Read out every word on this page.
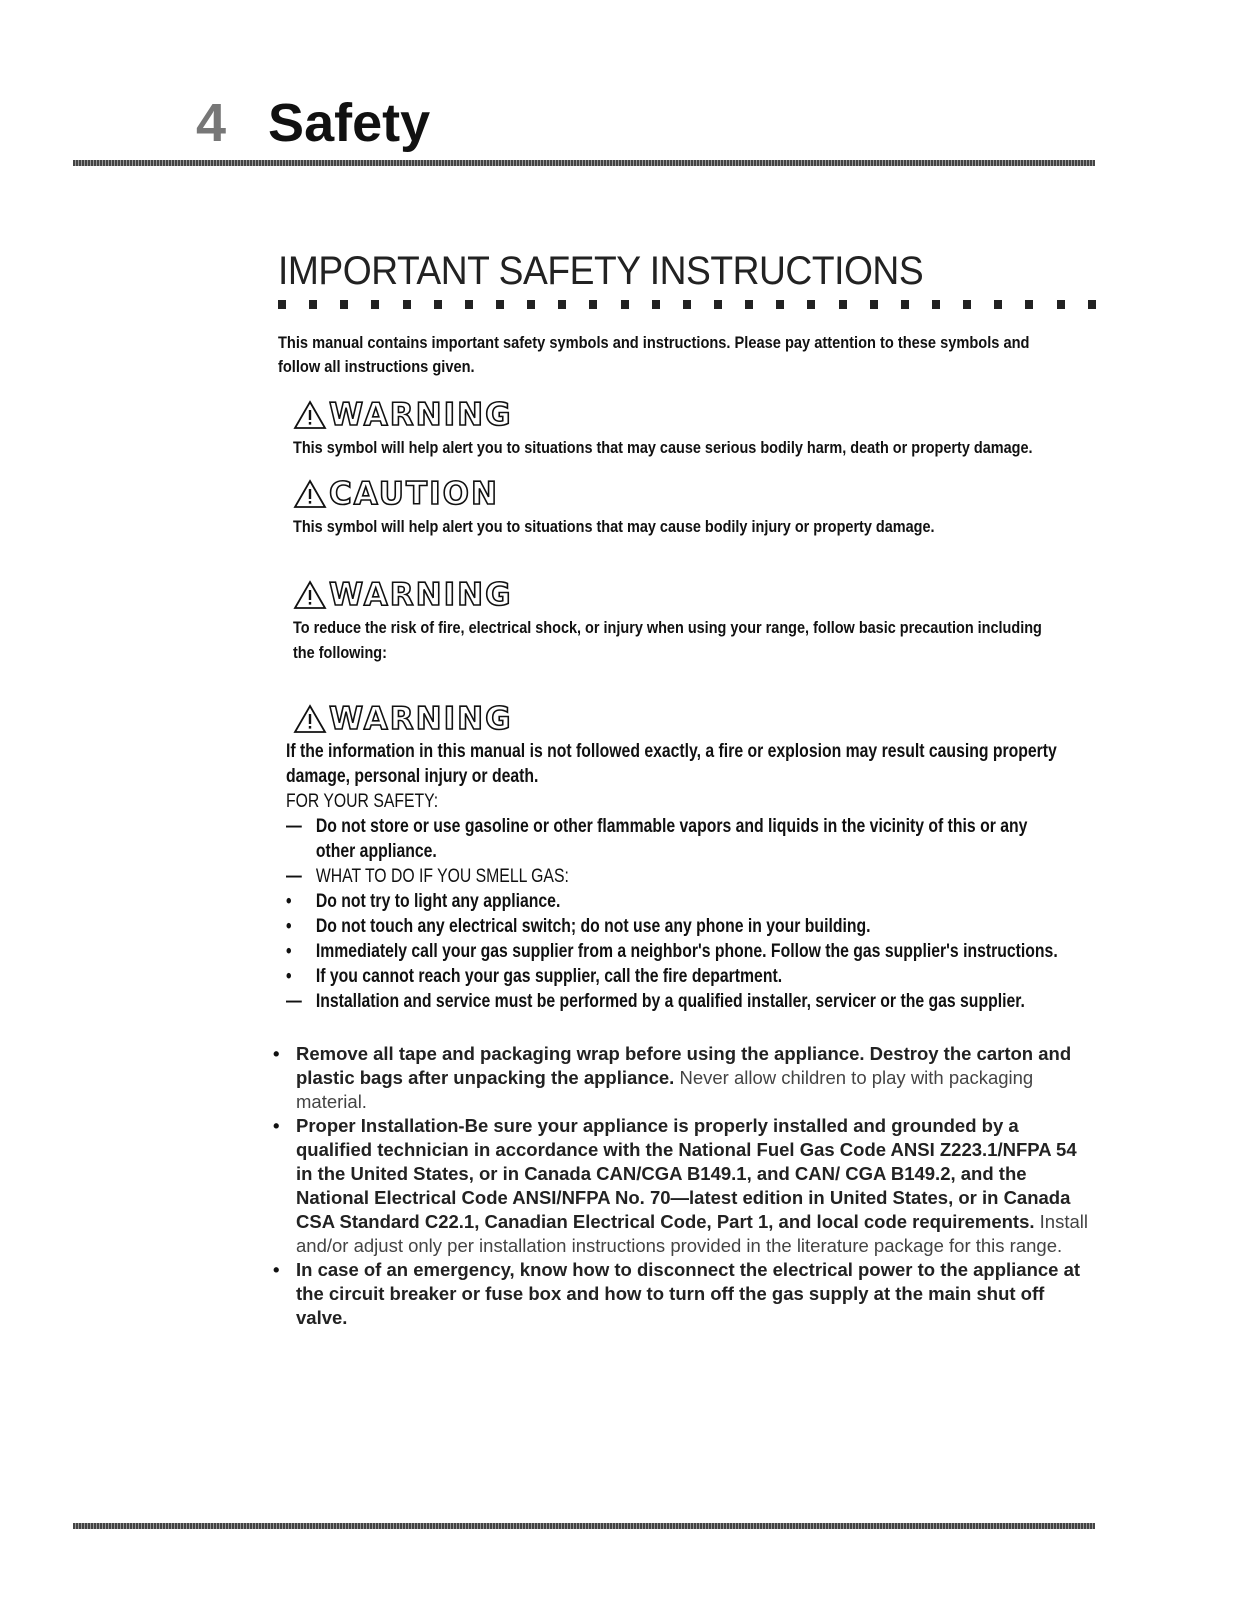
4 Safety
IMPORTANT SAFETY INSTRUCTIONS
This manual contains important safety symbols and instructions. Please pay attention to these symbols and follow all instructions given.
WARNING
This symbol will help alert you to situations that may cause serious bodily harm, death or property damage.
CAUTION
This symbol will help alert you to situations that may cause bodily injury or property damage.
WARNING
To reduce the risk of fire, electrical shock, or injury when using your range, follow basic precaution including the following:
WARNING
If the information in this manual is not followed exactly, a fire or explosion may result causing property damage, personal injury or death.
FOR YOUR SAFETY:
— Do not store or use gasoline or other flammable vapors and liquids in the vicinity of this or any other appliance.
— WHAT TO DO IF YOU SMELL GAS:
•	Do not try to light any appliance.
•	Do not touch any electrical switch; do not use any phone in your building.
•	Immediately call your gas supplier from a neighbor's phone. Follow the gas supplier's instructions.
•	If you cannot reach your gas supplier, call the fire department.
— Installation and service must be performed by a qualified installer, servicer or the gas supplier.
• Remove all tape and packaging wrap before using the appliance. Destroy the carton and plastic bags after unpacking the appliance. Never allow children to play with packaging material.
• Proper Installation-Be sure your appliance is properly installed and grounded by a qualified technician in accordance with the National Fuel Gas Code ANSI Z223.1/NFPA 54 in the United States, or in Canada CAN/CGA B149.1, and CAN/ CGA B149.2, and the National Electrical Code ANSI/NFPA No. 70—latest edition in United States, or in Canada CSA Standard C22.1, Canadian Electrical Code, Part 1, and local code requirements. Install and/or adjust only per installation instructions provided in the literature package for this range.
• In case of an emergency, know how to disconnect the electrical power to the appliance at the circuit breaker or fuse box and how to turn off the gas supply at the main shut off valve.
